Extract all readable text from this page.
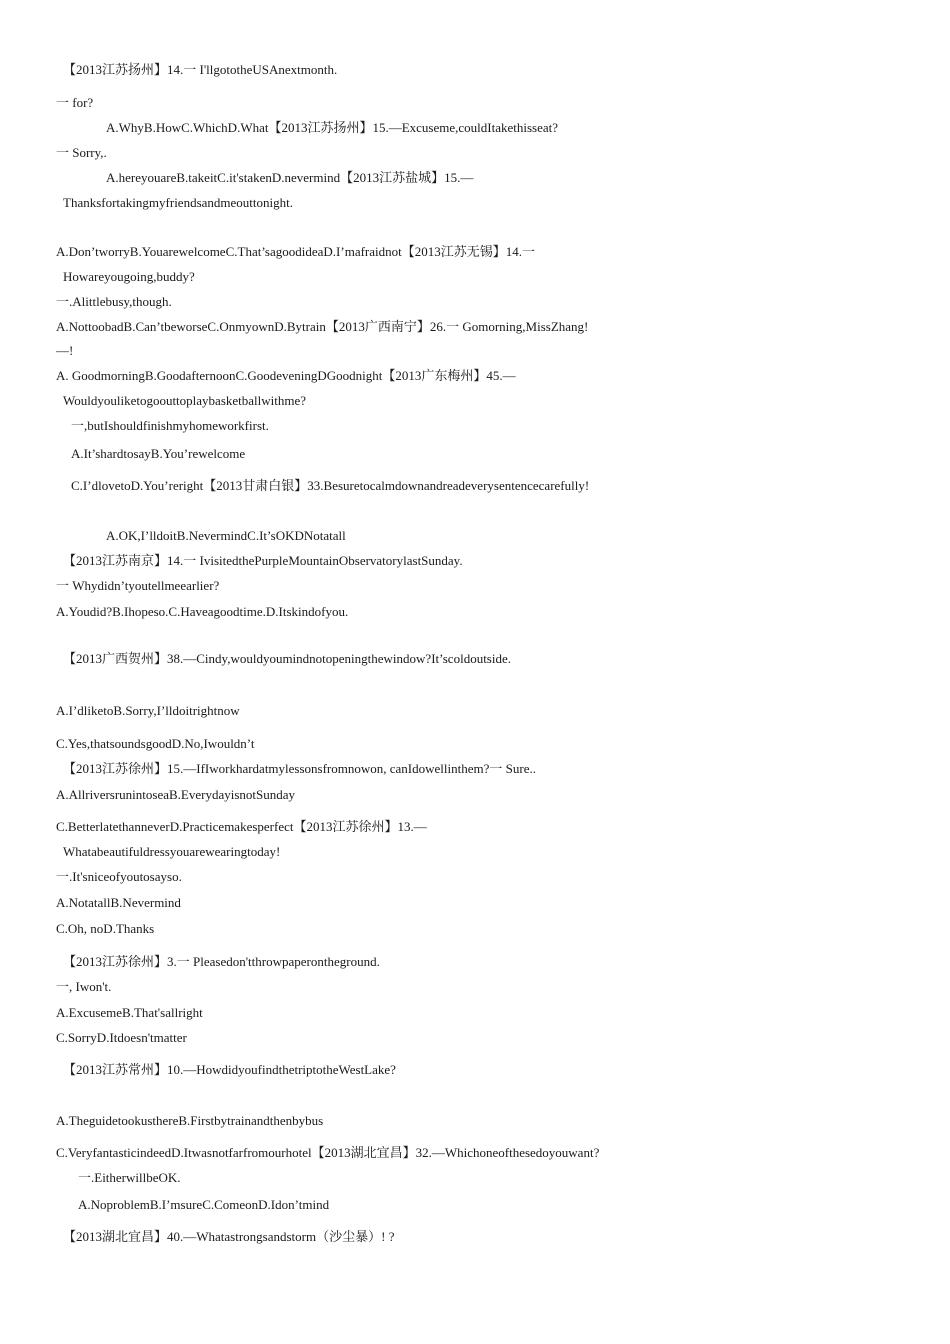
【2013江苏扬州】14.一 I'llgototheUSAnextmonth.
一 for?
A.WhyB.HowC.WhichD.What【2013江苏扬州】15.—Excuseme,couldItakethisseat?
一 Sorry,.
A.hereyouareB.takeitC.it'stakenD.nevermind【2013江苏盐城】15.—
Thanksfortakingmyfriendsandmeouttonight.
A.Don’tworryB.YouarewelcomeC.That’sagoodideaD.I’mafraidnot【2013江苏无锡】14.一
Howareyougoing,buddy?
一.Alittlebusy,though.
A.NottoobadB.Can’tbeworseC.OnmyownD.Bytrain【2013广西南宁】26.一 Gomorning,MissZhang!
—!
A. GoodmorningB.GoodafternoonC.GoodeveningDGoodnight【2013广东梅州】45.—
Wouldyouliketogoouttoplaybasketballwithme?
一,butIshouldfinishmyhomeworkfirst.
A.It’shardtosayB.You’rewelcome
C.I’dlovetoD.You’reright【2013甘肃白银】33.Besuretocalmdownandreadeverysentencecarefully!
A.OK,I’lldoitB.NevermindC.It’sOKDNotatall
【2013江苏南京】14.一 IvisitedthePurpleMountainObservatorylastSunday.
一 Whydidn’tyoutellmeearlier?
A.Youdid?B.Ihopeso.C.Haveagoodtime.D.Itskindofyou.
【2013广西贺州】38.—Cindy,wouldyoumindnotopeningthewindow?It’scoldoutside.
A.I’dliketoB.Sorry,I’lldoitrightnow
C.Yes,thatsoundsgoodD.No,Iwouldn’t
【2013江苏徐州】15.—IfIworkhardatmylessonsfromnowon, canIdowellinthem?一 Sure..
A.AllriversrunintoseaB.EverydayisnotSunday
C.BetterlatethanneverD.Practicemakesperfect【2013江苏徐州】13.—
Whatabeautifuldressyouarewearingtoday!
一.It'sniceofyoutosayso.
A.NotatallB.Nevermind
C.Oh, noD.Thanks
【2013江苏徐州】3.一 Pleasedon'tthrowpaperontheground.
一, Iwon't.
A.ExcusemeB.That'sallright
C.SorryD.Itdoesn'tmatter
【2013江苏常州】10.—HowdidyoufindthetriptotheWestLake?
A.TheguidetookusthereB.Firstbytrainandthenbybus
C.VeryfantasticindeedD.Itwasnotfarfromourhotel【2013湖北宜昌】32.—Whichoneofthesedoyouwant?
一.EitherwillbeOK.
A.NoproblemB.I’msureC.ComeonD.Idon’tmind
【2013湖北宜昌】40.—Whatastrongsandstorm（沙尘暴）! ?
